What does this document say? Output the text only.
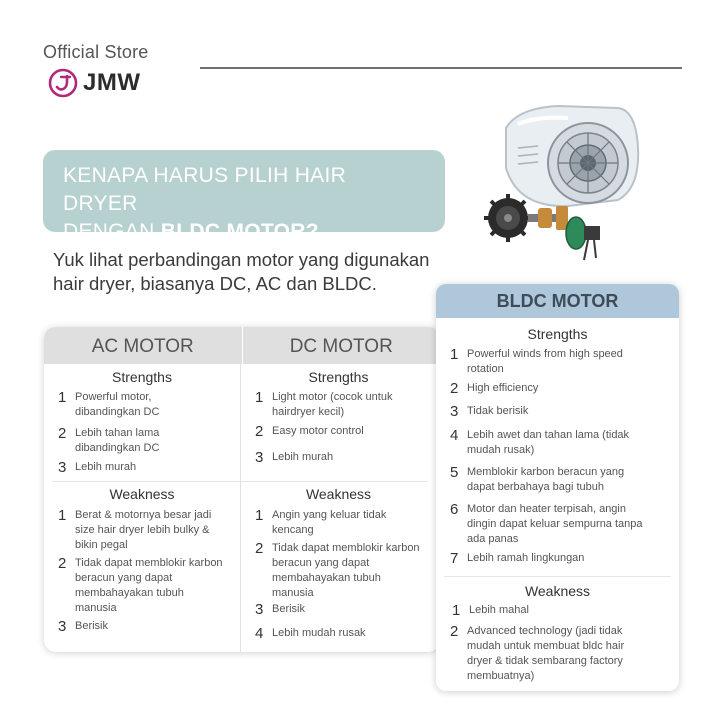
Official Store
JMW
KENAPA HARUS PILIH HAIR DRYER
DENGAN BLDC MOTOR?
Yuk lihat perbandingan motor yang digunakan
hair dryer, biasanya DC, AC dan BLDC.
AC MOTOR	DC MOTOR
Strengths
1 Powerful motor, dibandingkan DC
2 Lebih tahan lama dibandingkan DC
3 Lebih murah
Weakness
1 Berat & motornya besar jadi size hair dryer lebih bulky & bikin pegal
2 Tidak dapat memblokir karbon beracun yang dapat membahayakan tubuh manusia
3 Berisik
Strengths
1 Light motor (cocok untuk hairdryer kecil)
2 Easy motor control
3 Lebih murah
Weakness
1 Angin yang keluar tidak kencang
2 Tidak dapat memblokir karbon beracun yang dapat membahayakan tubuh manusia
3 Berisik
4 Lebih mudah rusak
BLDC MOTOR
Strengths
1 Powerful winds from high speed rotation
2 High efficiency
3 Tidak berisik
4 Lebih awet dan tahan lama (tidak mudah rusak)
5 Memblokir karbon beracun yang dapat berbahaya bagi tubuh
6 Motor dan heater terpisah, angin dingin dapat keluar sempurna tanpa ada panas
7 Lebih ramah lingkungan
Weakness
1 Lebih mahal
2 Advanced technology (jadi tidak mudah untuk membuat bldc hair dryer & tidak sembarang factory membuatnya)
